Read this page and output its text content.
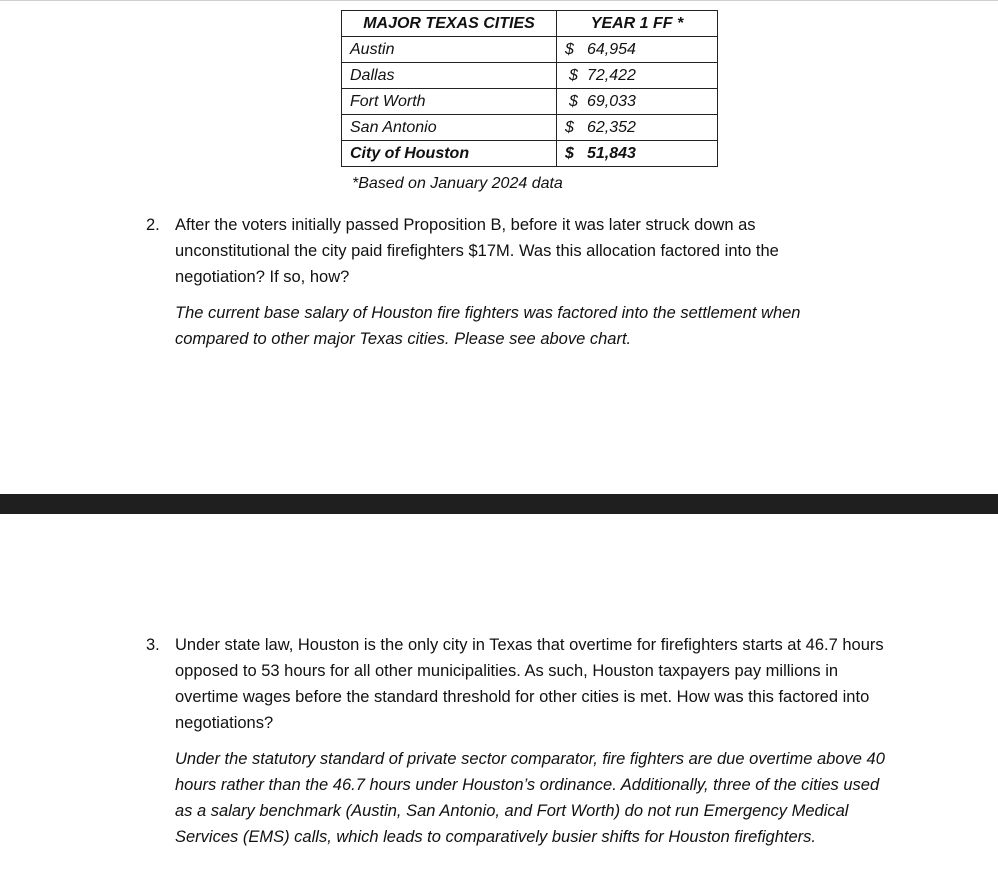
MAJOR TEXAS CITIES	YEAR 1 FF *
Austin	$ 64,954
Dallas	$ 72,422
Fort Worth	$ 69,033
San Antonio	$ 62,352
City of Houston	$ 51,843
*Based on January 2024 data
2. After the voters initially passed Proposition B, before it was later struck down as unconstitutional the city paid firefighters $17M. Was this allocation factored into the negotiation? If so, how?
The current base salary of Houston fire fighters was factored into the settlement when compared to other major Texas cities. Please see above chart.
3. Under state law, Houston is the only city in Texas that overtime for firefighters starts at 46.7 hours opposed to 53 hours for all other municipalities. As such, Houston taxpayers pay millions in overtime wages before the standard threshold for other cities is met. How was this factored into negotiations?
Under the statutory standard of private sector comparator, fire fighters are due overtime above 40 hours rather than the 46.7 hours under Houston’s ordinance. Additionally, three of the cities used as a salary benchmark (Austin, San Antonio, and Fort Worth) do not run Emergency Medical Services (EMS) calls, which leads to comparatively busier shifts for Houston firefighters.
